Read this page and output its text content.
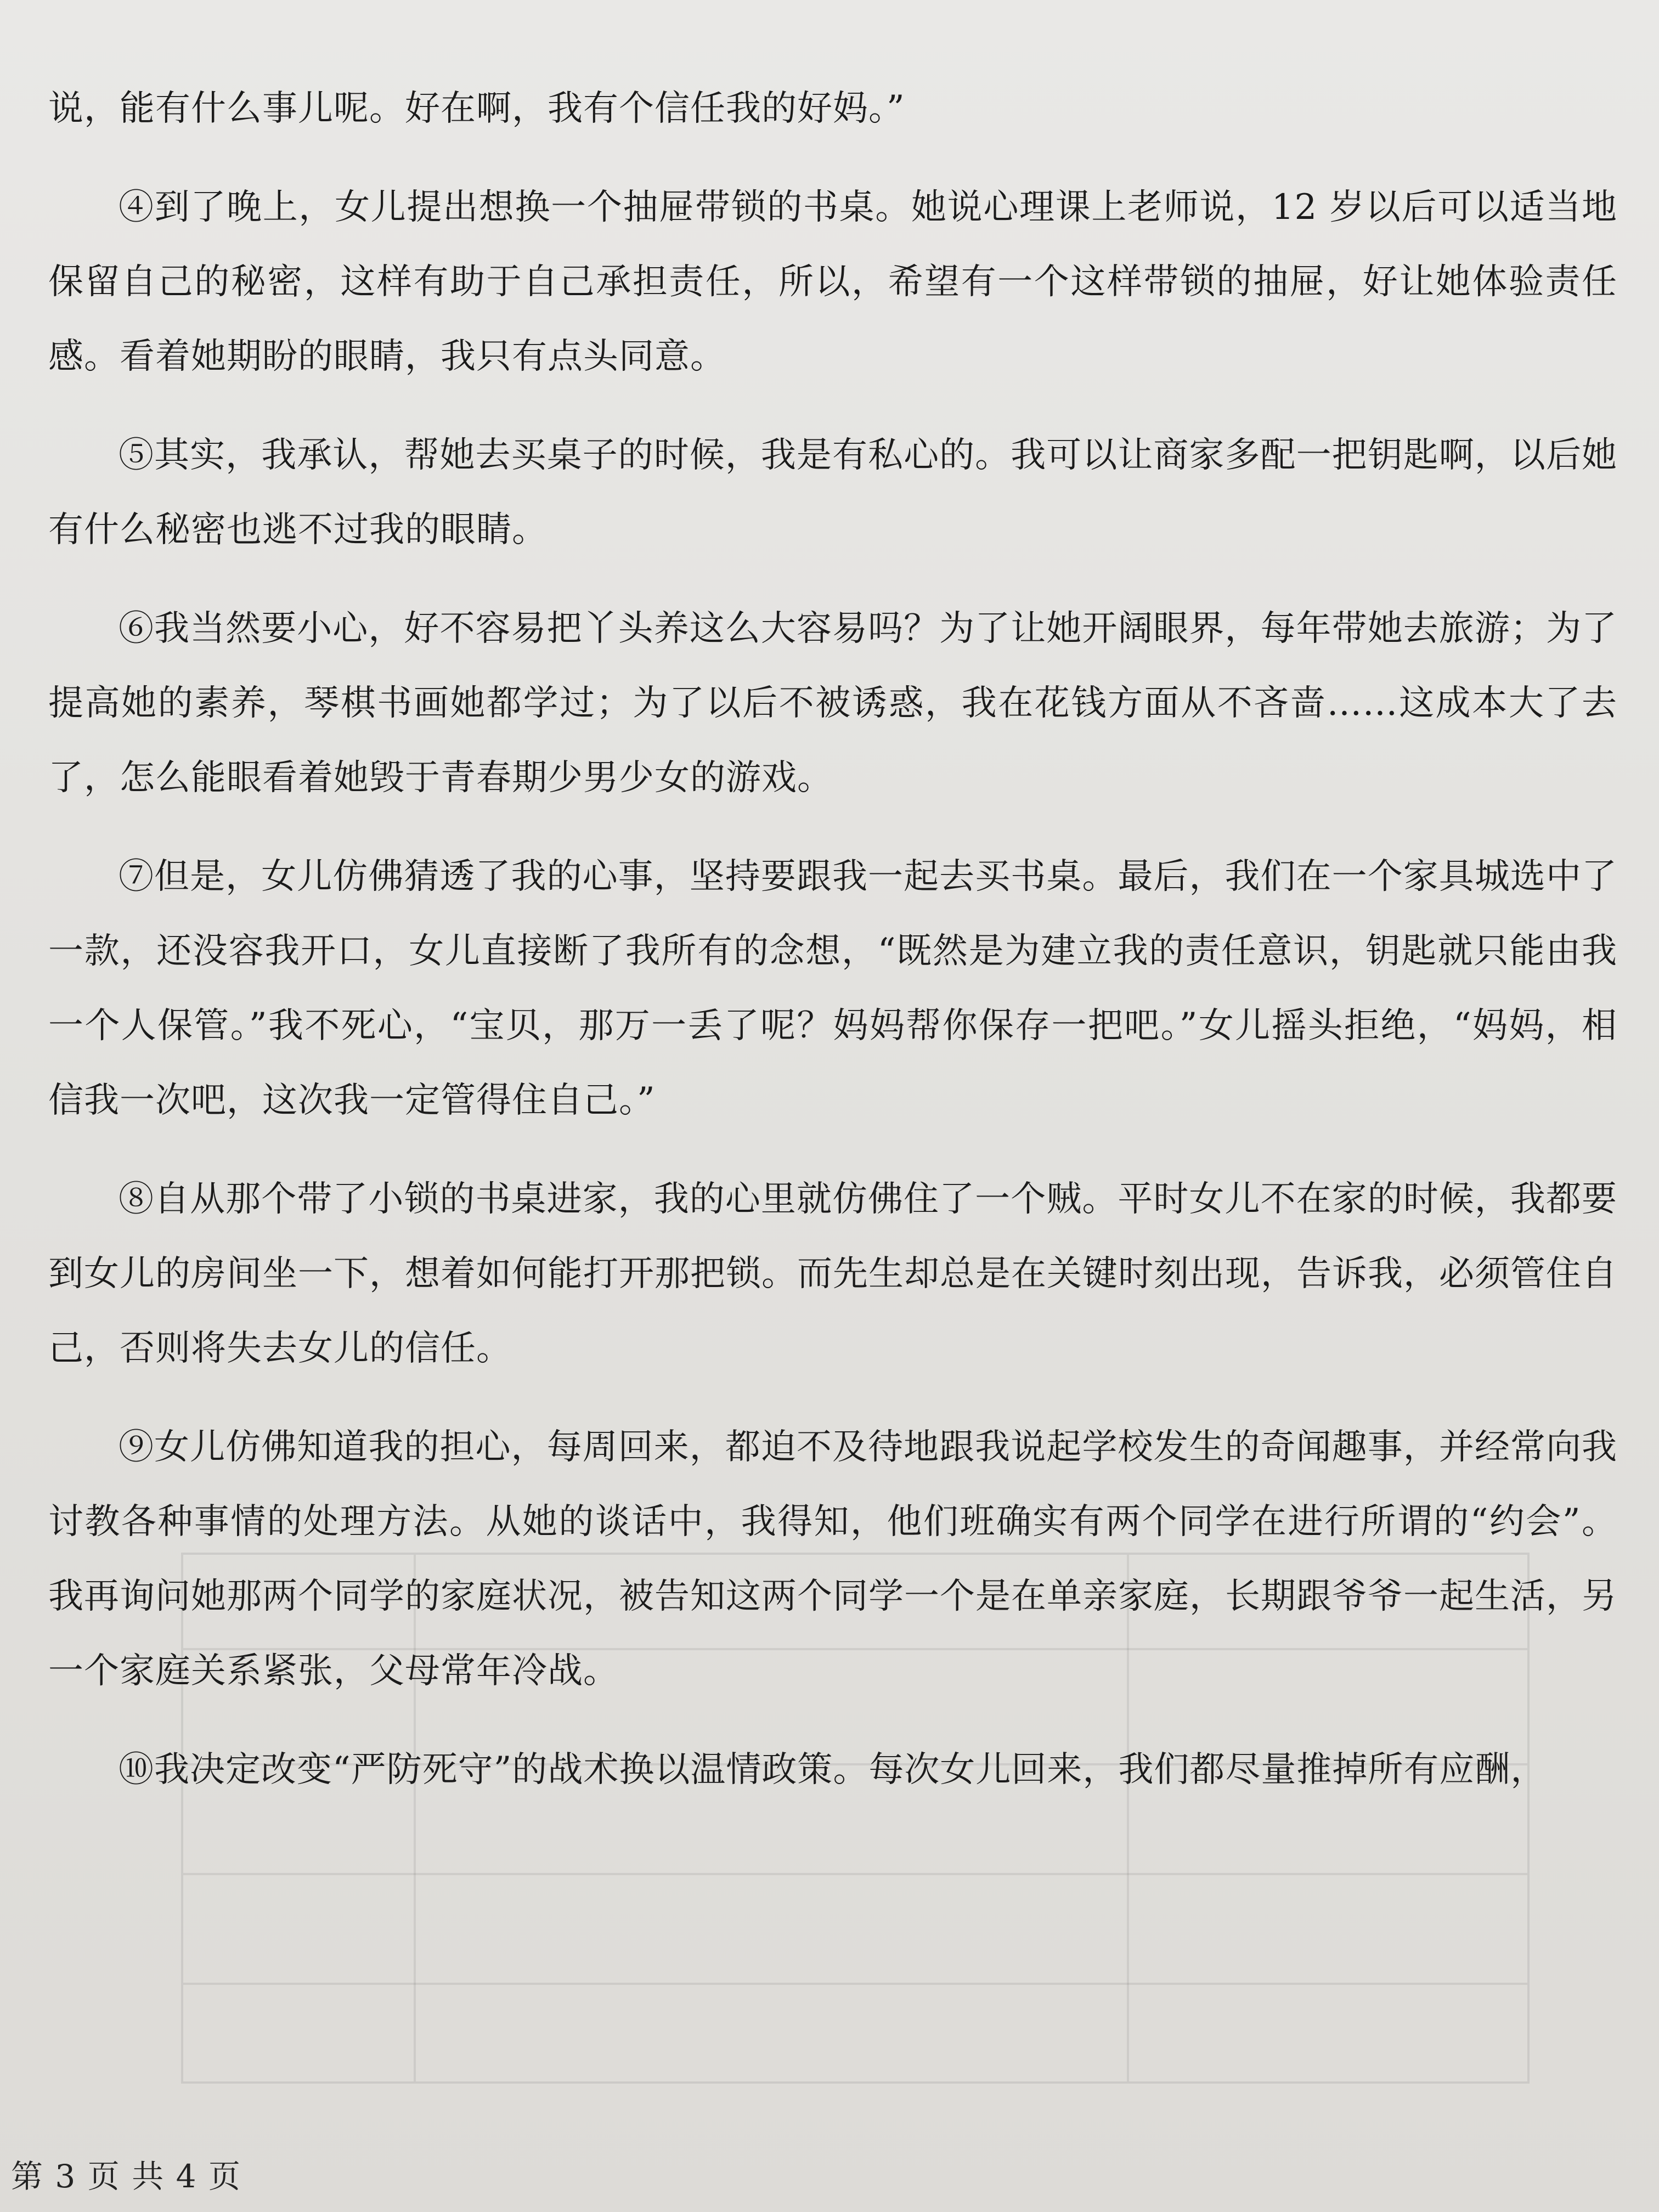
说，能有什么事儿呢。好在啊，我有个信任我的好妈。”

④到了晚上，女儿提出想换一个抽屉带锁的书桌。她说心理课上老师说，12 岁以后可以适当地保留自己的秘密，这样有助于自己承担责任，所以，希望有一个这样带锁的抽屉，好让她体验责任感。看着她期盼的眼睛，我只有点头同意。

⑤其实，我承认，帮她去买桌子的时候，我是有私心的。我可以让商家多配一把钥匙啊，以后她有什么秘密也逃不过我的眼睛。

⑥我当然要小心，好不容易把丫头养这么大容易吗？为了让她开阔眼界，每年带她去旅游；为了提高她的素养，琴棋书画她都学过；为了以后不被诱惑，我在花钱方面从不吝啬……这成本大了去了，怎么能眼看着她毁于青春期少男少女的游戏。

⑦但是，女儿仿佛猜透了我的心事，坚持要跟我一起去买书桌。最后，我们在一个家具城选中了一款，还没容我开口，女儿直接断了我所有的念想，“既然是为建立我的责任意识，钥匙就只能由我一个人保管。”我不死心，“宝贝，那万一丢了呢？妈妈帮你保存一把吧。”女儿摇头拒绝，“妈妈，相信我一次吧，这次我一定管得住自己。”

⑧自从那个带了小锁的书桌进家，我的心里就仿佛住了一个贼。平时女儿不在家的时候，我都要到女儿的房间坐一下，想着如何能打开那把锁。而先生却总是在关键时刻出现，告诉我，必须管住自己，否则将失去女儿的信任。

⑨女儿仿佛知道我的担心，每周回来，都迫不及待地跟我说起学校发生的奇闻趣事，并经常向我讨教各种事情的处理方法。从她的谈话中，我得知，他们班确实有两个同学在进行所谓的“约会”。我再询问她那两个同学的家庭状况，被告知这两个同学一个是在单亲家庭，长期跟爷爷一起生活，另一个家庭关系紧张，父母常年冷战。

⑩我决定改变“严防死守”的战术换以温情政策。每次女儿回来，我们都尽量推掉所有应酬，

第 3 页 共 4 页
